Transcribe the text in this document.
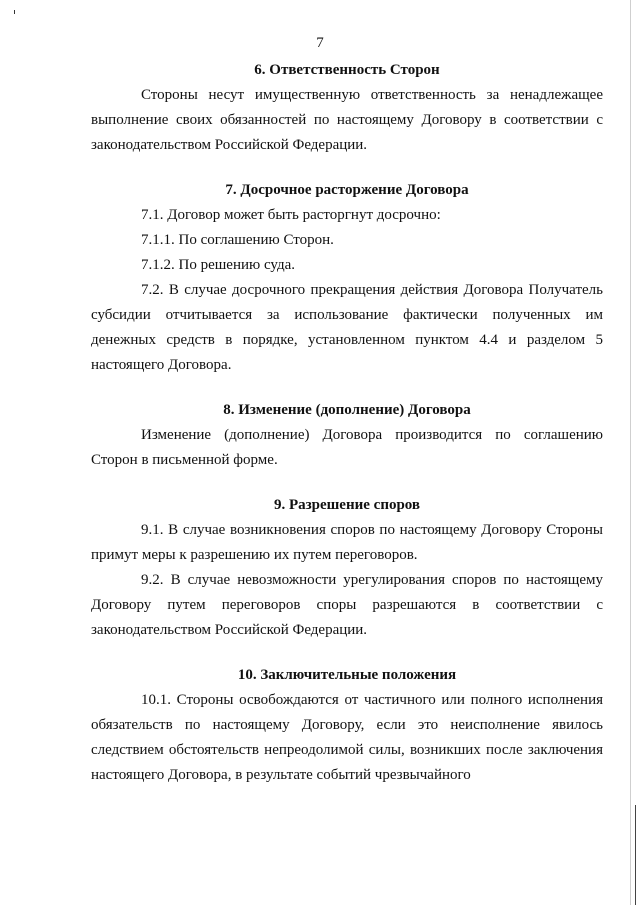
7

6. Ответственность Сторон

Стороны несут имущественную ответственность за ненадлежащее выполнение своих обязанностей по настоящему Договору в соответствии с законодательством Российской Федерации.

7. Досрочное расторжение Договора

7.1. Договор может быть расторгнут досрочно:

7.1.1. По соглашению Сторон.

7.1.2. По решению суда.

7.2. В случае досрочного прекращения действия Договора Получатель субсидии отчитывается за использование фактически полученных им денежных средств в порядке, установленном пунктом 4.4 и разделом 5 настоящего Договора.

8. Изменение (дополнение) Договора

Изменение (дополнение) Договора производится по соглашению Сторон в письменной форме.

9. Разрешение споров

9.1. В случае возникновения споров по настоящему Договору Стороны примут меры к разрешению их путем переговоров.

9.2. В случае невозможности урегулирования споров по настоящему Договору путем переговоров споры разрешаются в соответствии с законодательством Российской Федерации.

10. Заключительные положения

10.1. Стороны освобождаются от частичного или полного исполнения обязательств по настоящему Договору, если это неисполнение явилось следствием обстоятельств непреодолимой силы, возникших после заключения настоящего Договора, в результате событий чрезвычайного
